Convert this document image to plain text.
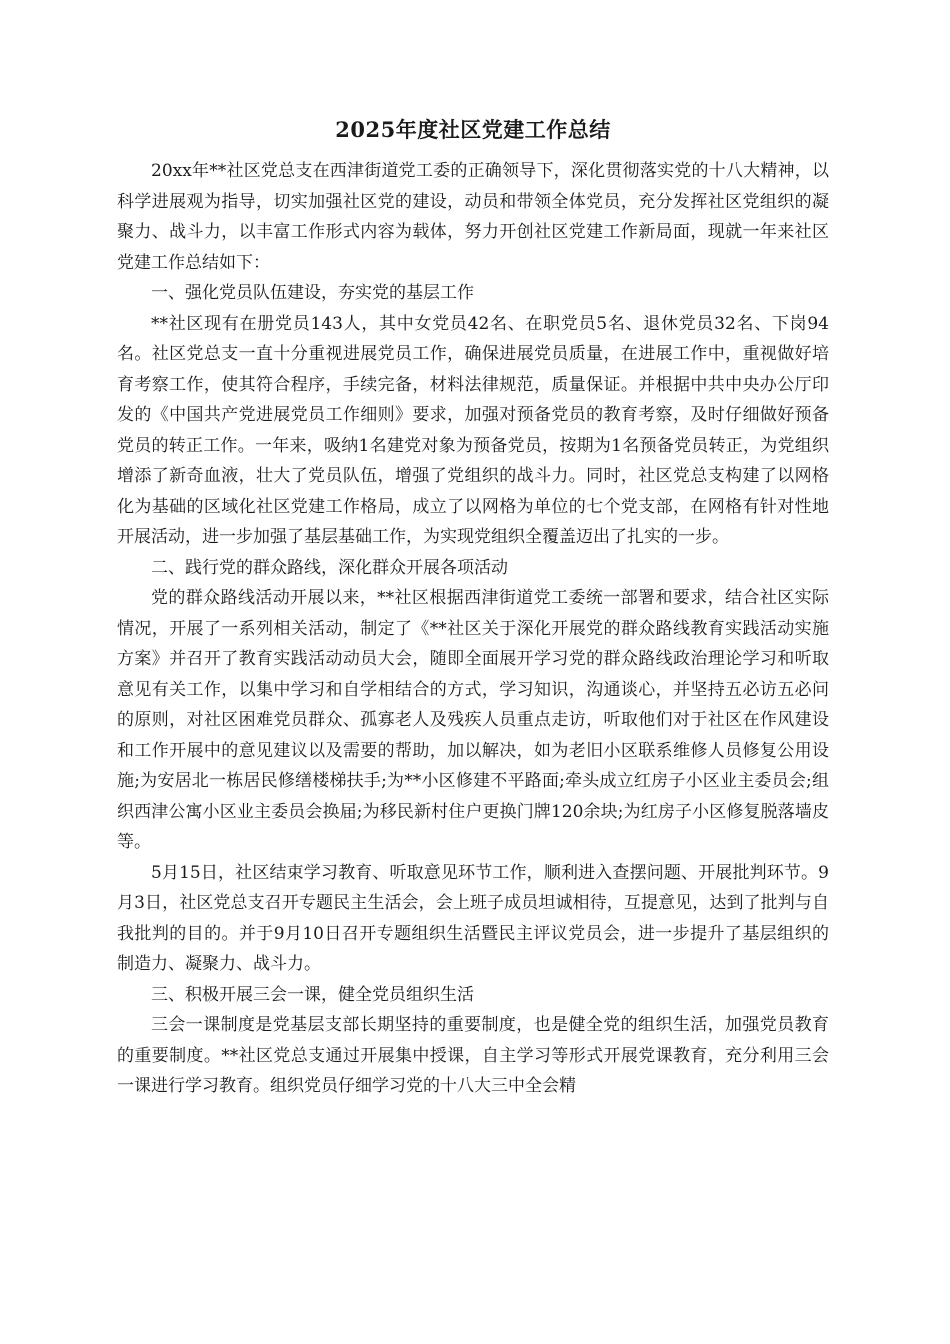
2025年度社区党建工作总结

20xx年**社区党总支在西津街道党工委的正确领导下，深化贯彻落实党的十八大精神，以科学进展观为指导，切实加强社区党的建设，动员和带领全体党员，充分发挥社区党组织的凝聚力、战斗力，以丰富工作形式内容为载体，努力开创社区党建工作新局面，现就一年来社区党建工作总结如下：

一、强化党员队伍建设，夯实党的基层工作

**社区现有在册党员143人，其中女党员42名、在职党员5名、退休党员32名、下岗94名。社区党总支一直十分重视进展党员工作，确保进展党员质量，在进展工作中，重视做好培育考察工作，使其符合程序，手续完备，材料法律规范，质量保证。并根据中共中央办公厅印发的《中国共产党进展党员工作细则》要求，加强对预备党员的教育考察，及时仔细做好预备党员的转正工作。一年来，吸纳1名建党对象为预备党员，按期为1名预备党员转正，为党组织增添了新奇血液，壮大了党员队伍，增强了党组织的战斗力。同时，社区党总支构建了以网格化为基础的区域化社区党建工作格局，成立了以网格为单位的七个党支部，在网格有针对性地开展活动，进一步加强了基层基础工作，为实现党组织全覆盖迈出了扎实的一步。

二、践行党的群众路线，深化群众开展各项活动

党的群众路线活动开展以来，**社区根据西津街道党工委统一部署和要求，结合社区实际情况，开展了一系列相关活动，制定了《**社区关于深化开展党的群众路线教育实践活动实施方案》并召开了教育实践活动动员大会，随即全面展开学习党的群众路线政治理论学习和听取意见有关工作，以集中学习和自学相结合的方式，学习知识，沟通谈心，并坚持五必访五必问的原则，对社区困难党员群众、孤寡老人及残疾人员重点走访，听取他们对于社区在作风建设和工作开展中的意见建议以及需要的帮助，加以解决，如为老旧小区联系维修人员修复公用设施;为安居北一栋居民修缮楼梯扶手;为**小区修建不平路面;牵头成立红房子小区业主委员会;组织西津公寓小区业主委员会换届;为移民新村住户更换门牌120余块;为红房子小区修复脱落墙皮等。

5月15日，社区结束学习教育、听取意见环节工作，顺利进入查摆问题、开展批判环节。9月3日，社区党总支召开专题民主生活会，会上班子成员坦诚相待，互提意见，达到了批判与自我批判的目的。并于9月10日召开专题组织生活暨民主评议党员会，进一步提升了基层组织的制造力、凝聚力、战斗力。

三、积极开展三会一课，健全党员组织生活

三会一课制度是党基层支部长期坚持的重要制度，也是健全党的组织生活，加强党员教育的重要制度。**社区党总支通过开展集中授课，自主学习等形式开展党课教育，充分利用三会一课进行学习教育。组织党员仔细学习党的十八大三中全会精
